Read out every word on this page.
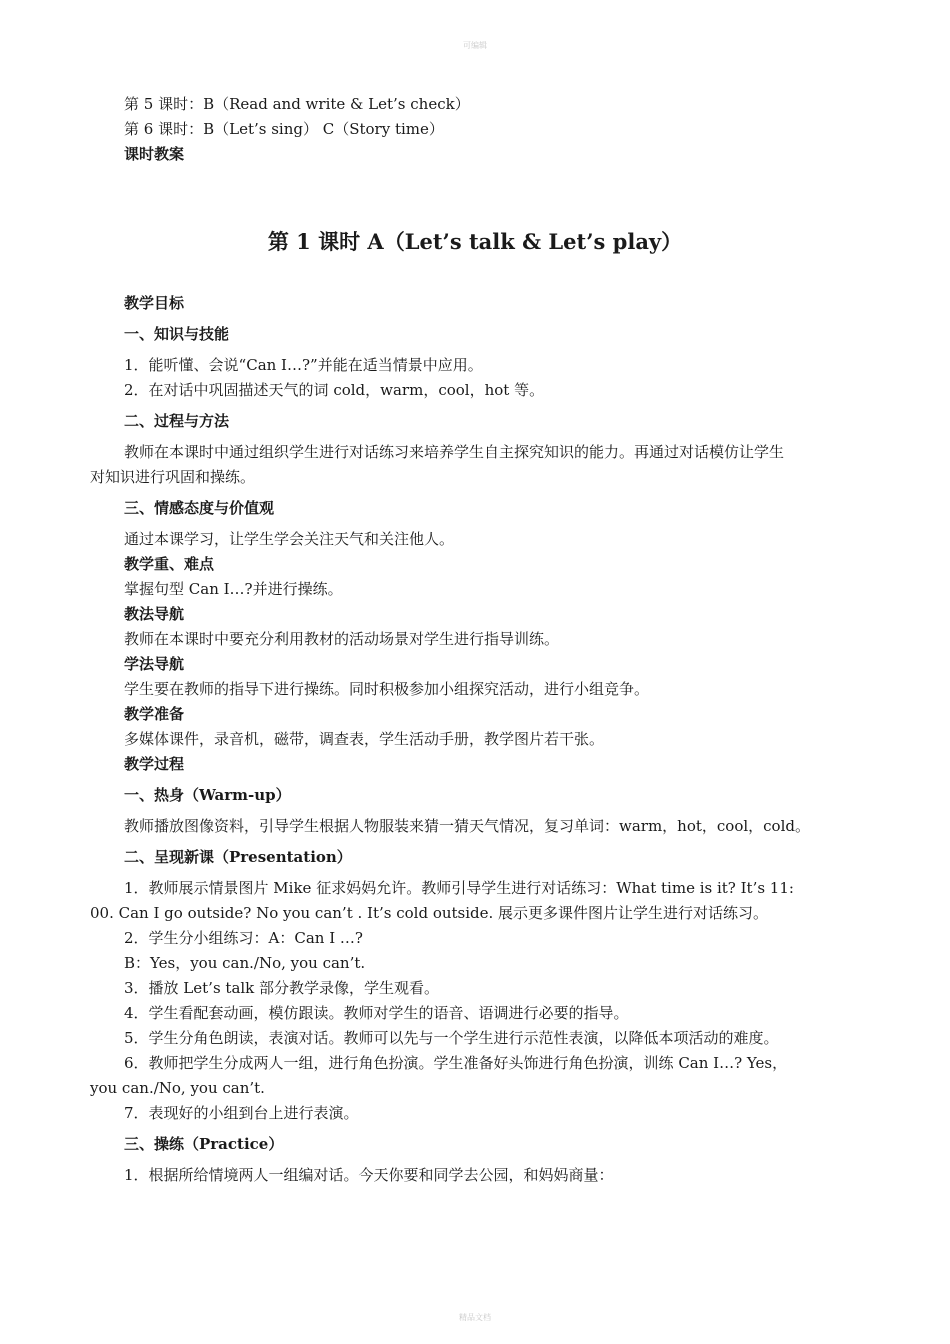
可编辑
第 5 课时：B（Read and write & Let’s check）
第 6 课时：B（Let’s sing） C（Story time）
课时教案
第 1 课时 A（Let’s talk & Let’s play）
教学目标
一、知识与技能
1．能听懂、会说“Can I…?”并能在适当情景中应用。
2．在对话中巩固描述天气的词 cold，warm，cool，hot 等。
二、过程与方法
教师在本课时中通过组织学生进行对话练习来培养学生自主探究知识的能力。再通过对话模仿让学生
对知识进行巩固和操练。
三、情感态度与价值观
通过本课学习，让学生学会关注天气和关注他人。
教学重、难点
掌握句型 Can I…?并进行操练。
教法导航
教师在本课时中要充分利用教材的活动场景对学生进行指导训练。
学法导航
学生要在教师的指导下进行操练。同时积极参加小组探究活动，进行小组竞争。
教学准备
多媒体课件，录音机，磁带，调查表，学生活动手册，教学图片若干张。
教学过程
一、热身（Warm-up）
教师播放图像资料，引导学生根据人物服装来猜一猜天气情况，复习单词：warm，hot，cool，cold。
二、呈现新课（Presentation）
1．教师展示情景图片 Mike 征求妈妈允许。教师引导学生进行对话练习：What time is it? It’s 11:
00. Can I go outside? No you can’t . It’s cold outside. 展示更多课件图片让学生进行对话练习。
2．学生分小组练习：A：Can I …?
B：Yes，you can./No, you can’t.
3．播放 Let’s talk 部分教学录像，学生观看。
4．学生看配套动画，模仿跟读。教师对学生的语音、语调进行必要的指导。
5．学生分角色朗读，表演对话。教师可以先与一个学生进行示范性表演，以降低本项活动的难度。
6．教师把学生分成两人一组，进行角色扮演。学生准备好头饰进行角色扮演，训练 Can I…? Yes，
you can./No, you can’t.
7．表现好的小组到台上进行表演。
三、操练（Practice）
1．根据所给情境两人一组编对话。今天你要和同学去公园，和妈妈商量：
精品文档
